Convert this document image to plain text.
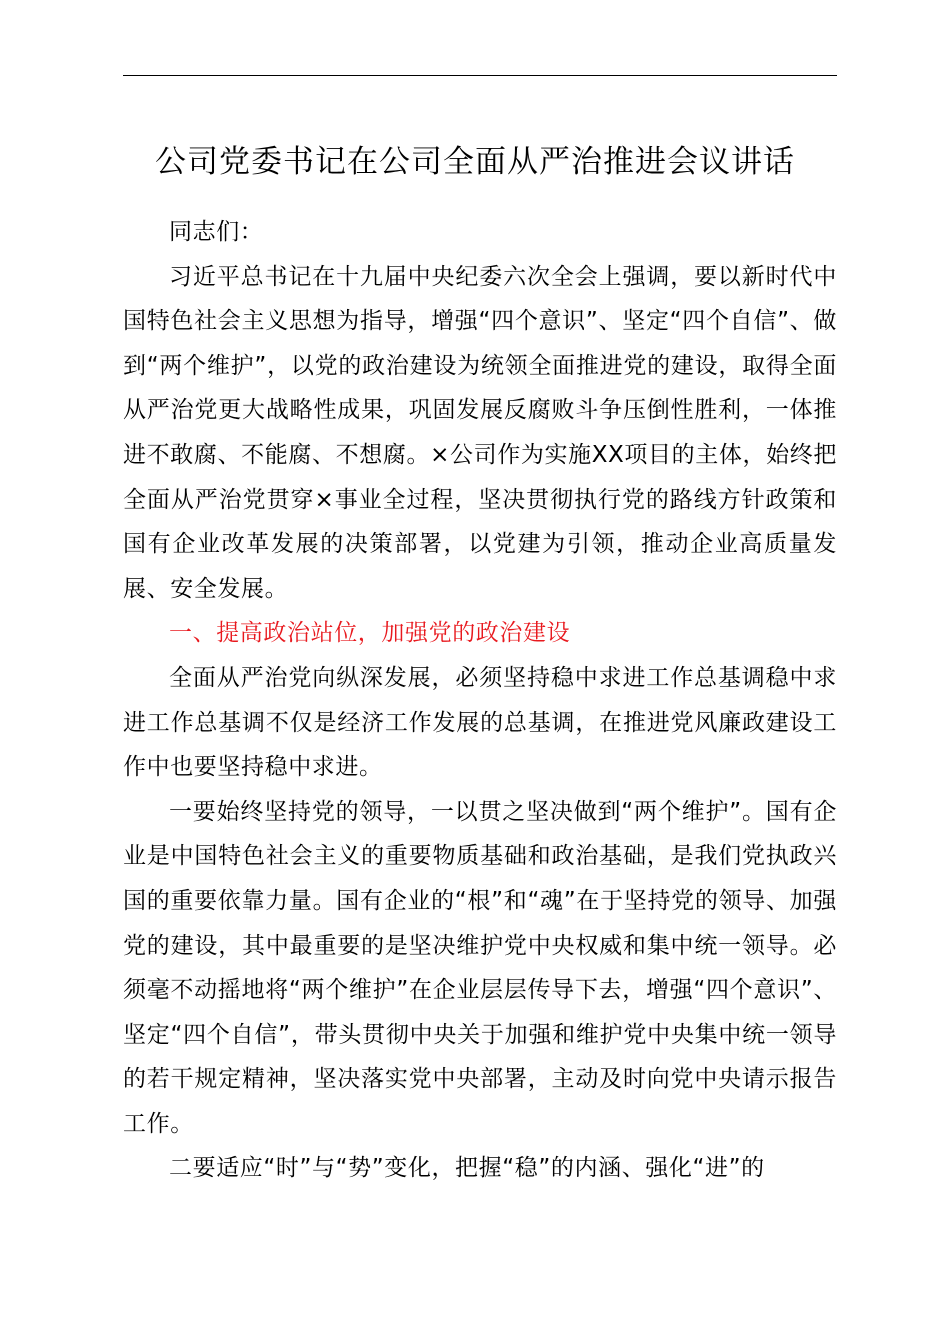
公司党委书记在公司全面从严治推进会议讲话

同志们：

习近平总书记在十九届中央纪委六次全会上强调，要以新时代中国特色社会主义思想为指导，增强“四个意识”、坚定“四个自信”、做到“两个维护”，以党的政治建设为统领全面推进党的建设，取得全面从严治党更大战略性成果，巩固发展反腐败斗争压倒性胜利，一体推进不敢腐、不能腐、不想腐。×公司作为实施XX项目的主体，始终把全面从严治党贯穿×事业全过程，坚决贯彻执行党的路线方针政策和国有企业改革发展的决策部署，以党建为引领，推动企业高质量发展、安全发展。

一、提高政治站位，加强党的政治建设

全面从严治党向纵深发展，必须坚持稳中求进工作总基调稳中求进工作总基调不仅是经济工作发展的总基调，在推进党风廉政建设工作中也要坚持稳中求进。

一要始终坚持党的领导，一以贯之坚决做到“两个维护”。国有企业是中国特色社会主义的重要物质基础和政治基础，是我们党执政兴国的重要依靠力量。国有企业的“根”和“魂”在于坚持党的领导、加强党的建设，其中最重要的是坚决维护党中央权威和集中统一领导。必须毫不动摇地将“两个维护”在企业层层传导下去，增强“四个意识”、坚定“四个自信”，带头贯彻中央关于加强和维护党中央集中统一领导的若干规定精神，坚决落实党中央部署，主动及时向党中央请示报告工作。

二要适应“时”与“势”变化，把握“稳”的内涵、强化“进”的
